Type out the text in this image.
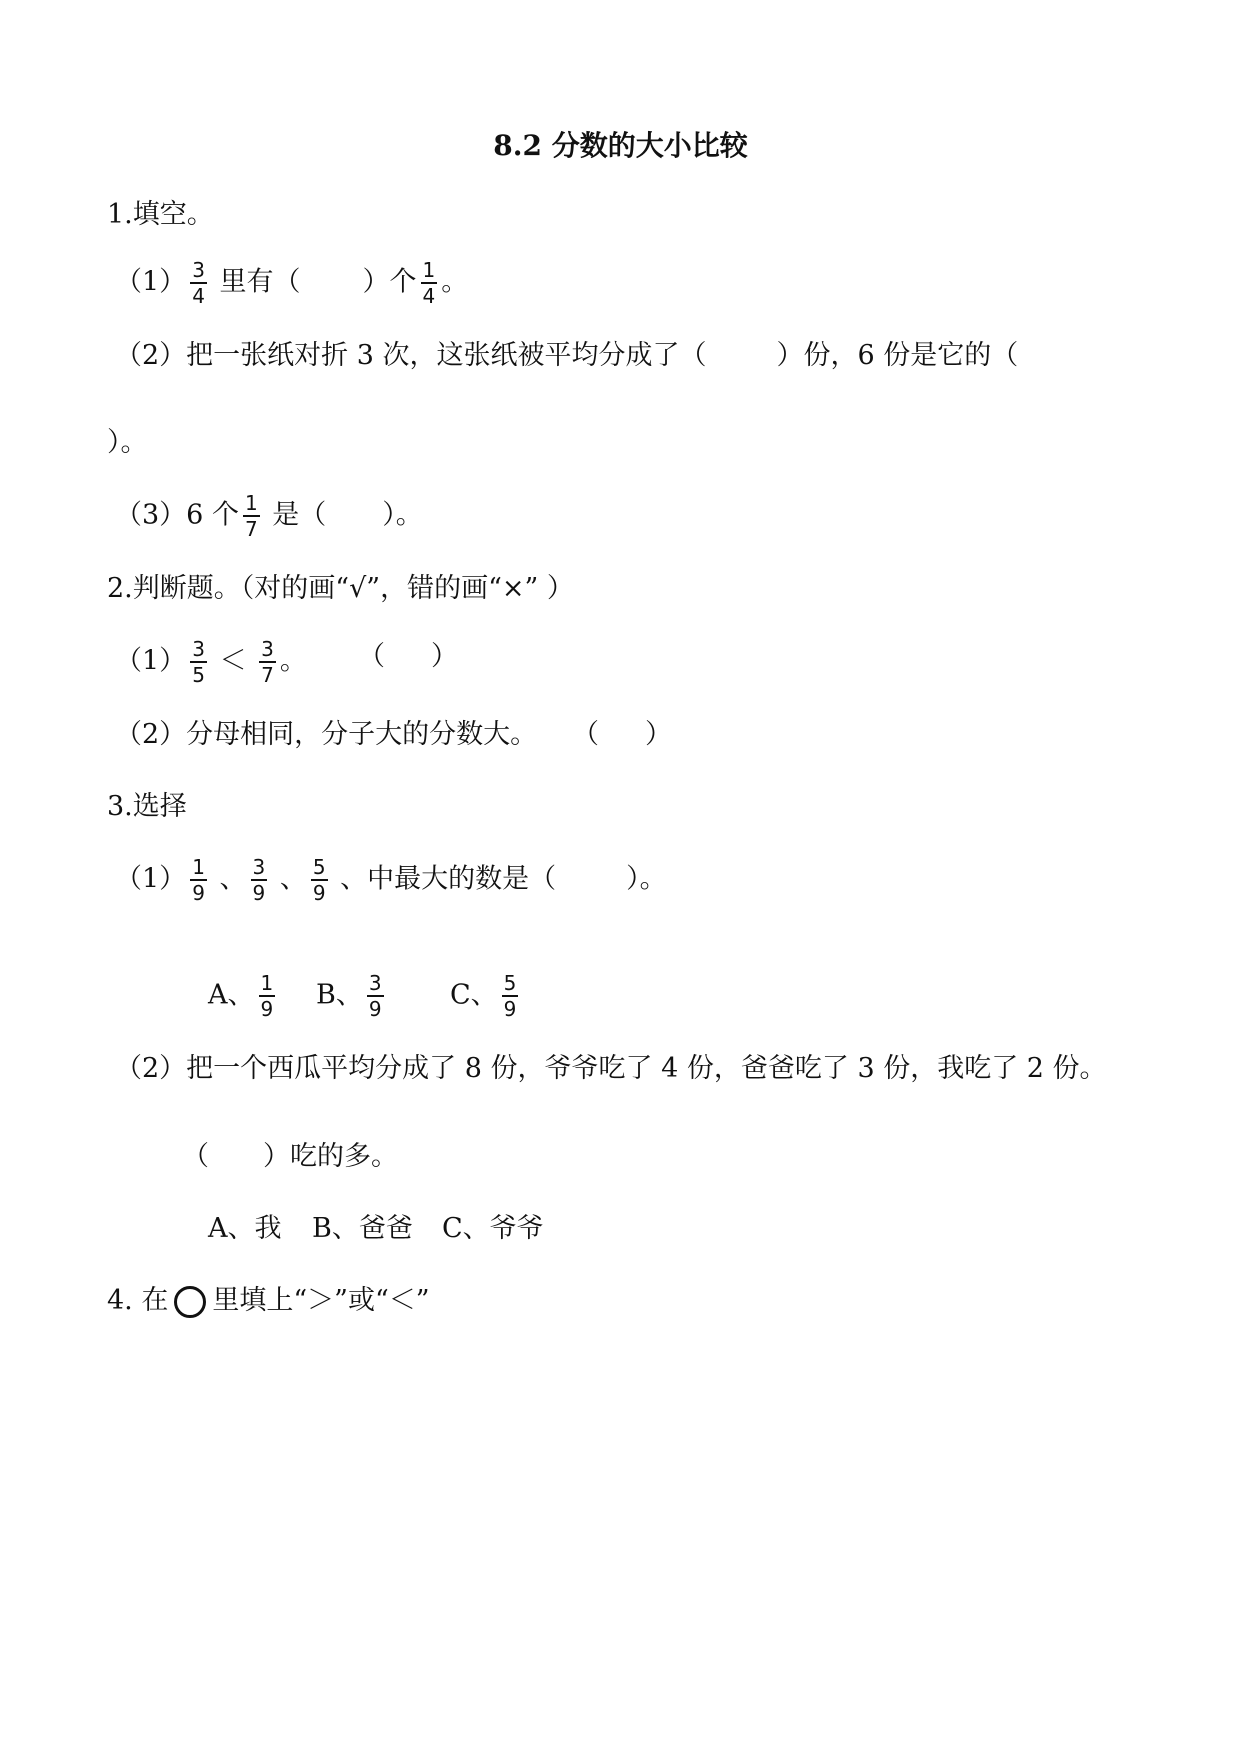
8.2 分数的大小比较
1.填空。
$(1) \frac{3}{4}$ 里有（ ）个 $\frac{1}{4}$ 。
（2）把一张纸对折 3 次，这张纸被平均分成了（	）份，6 份是它的（
）。
（3）6 个 $\frac{1}{7}$ 是（ ）。
2.判断题。（对的画“√”，错的画“×” ）
$(1) \frac{3}{5} < \frac{3}{7}$ 。 （ ）
（2）分母相同，分子大的分数大。 （ ）
3.选择
$(1) \frac{1}{9}$ 、 $\frac{3}{9}$ 、 $\frac{5}{9}$ 、中最大的数是（	）。
A、 $\frac{1}{9}$ B、 $\frac{3}{9}$ C、 $\frac{5}{9}$
（2）把一个西瓜平均分成了 8 份，爷爷吃了 4 份，爸爸吃了 3 份，我吃了 2 份。
（ ）吃的多。
A、我 B、爸爸 C、爷爷
4. 在 里填上“＞”或“＜”
